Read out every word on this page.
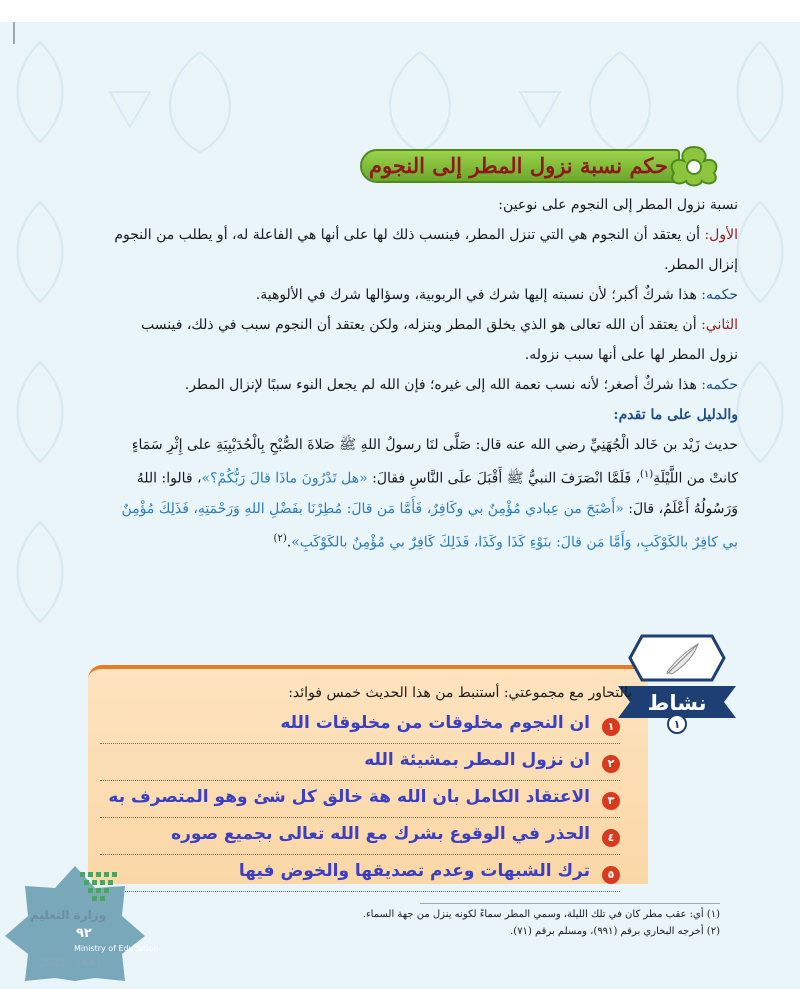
حكم نسبة نزول المطر إلى النجوم

نسبة نزول المطر إلى النجوم على نوعين:

الأول: أن يعتقد أن النجوم هي التي تنزل المطر، فينسب ذلك لها على أنها هي الفاعلة له، أو يطلب من النجوم إنزال المطر.

حكمه: هذا شركٌ أكبر؛ لأن نسبته إليها شرك في الربوبية، وسؤالها شرك في الألوهية.

الثاني: أن يعتقد أن الله تعالى هو الذي يخلق المطر وينزله، ولكن يعتقد أن النجوم سبب في ذلك، فينسب نزول المطر لها على أنها سبب نزوله.

حكمه: هذا شركٌ أصغر؛ لأنه نسب نعمة الله إلى غيره؛ فإن الله لم يجعل النوء سببًا لإنزال المطر.

والدليل على ما تقدم:

حديث زَيْد بن خَالد الْجُهَنِيِّ رضي الله عنه قال: صَلَّى لنَا رسولُ اللهِ ﷺ صَلاةَ الصُّبْحِ بِالْحُدَيْبِيَةِ على إِثْرِ سَمَاءٍ كانتْ من اللَّيْلَةِ$^{(١)}$، فَلَمَّا انْصَرَفَ النبيُّ ﷺ أَقْبَلَ علَى النَّاسِ فقالَ: «هل تَدْرُونَ ماذَا قالَ رَبُّكُمْ؟»، قالوا: اللهُ وَرَسُولُهُ أَعْلَمُ، قالَ: «أَصْبَحَ من عِبادي مُؤْمِنٌ بي وكَافِرٌ، فَأَمَّا مَن قالَ: مُطِرْنَا بفَضْلِ اللهِ وَرَحْمَتِهِ، فَذَلِكَ مُؤْمِنٌ بي كافِرٌ بالكَوْكَبِ، وَأَمَّا مَن قالَ: بنَوْءِ كَذَا وكَذَا، فَذَلِكَ كَافِرٌ بي مُؤْمِنٌ بالكَوْكَبِ».$^{(٢)}$

نشاط
١

بالتحاور مع مجموعتي: أستنبط من هذا الحديث خمس فوائد:

١
ان النجوم مخلوقات من مخلوقات الله
٢
ان نزول المطر بمشيئة الله
٣
الاعتقاد الكامل بان الله هة خالق كل شئ وهو المتصرف به
٤
الحذر في الوقوع بشرك مع الله تعالى بجميع صوره
٥
ترك الشبهات وعدم تصديقها والخوض فيها

وزارة التعليم

٩٢
Ministry of Education
2021 - 1443
(١) أي: عقب مطر كان في تلك الليلة، وسمي المطر سماءً لكونه ينزل من جهة السماء.
(٢) أخرجه البخاري برقم (٩٩١)، ومسلم برقم (٧١).
